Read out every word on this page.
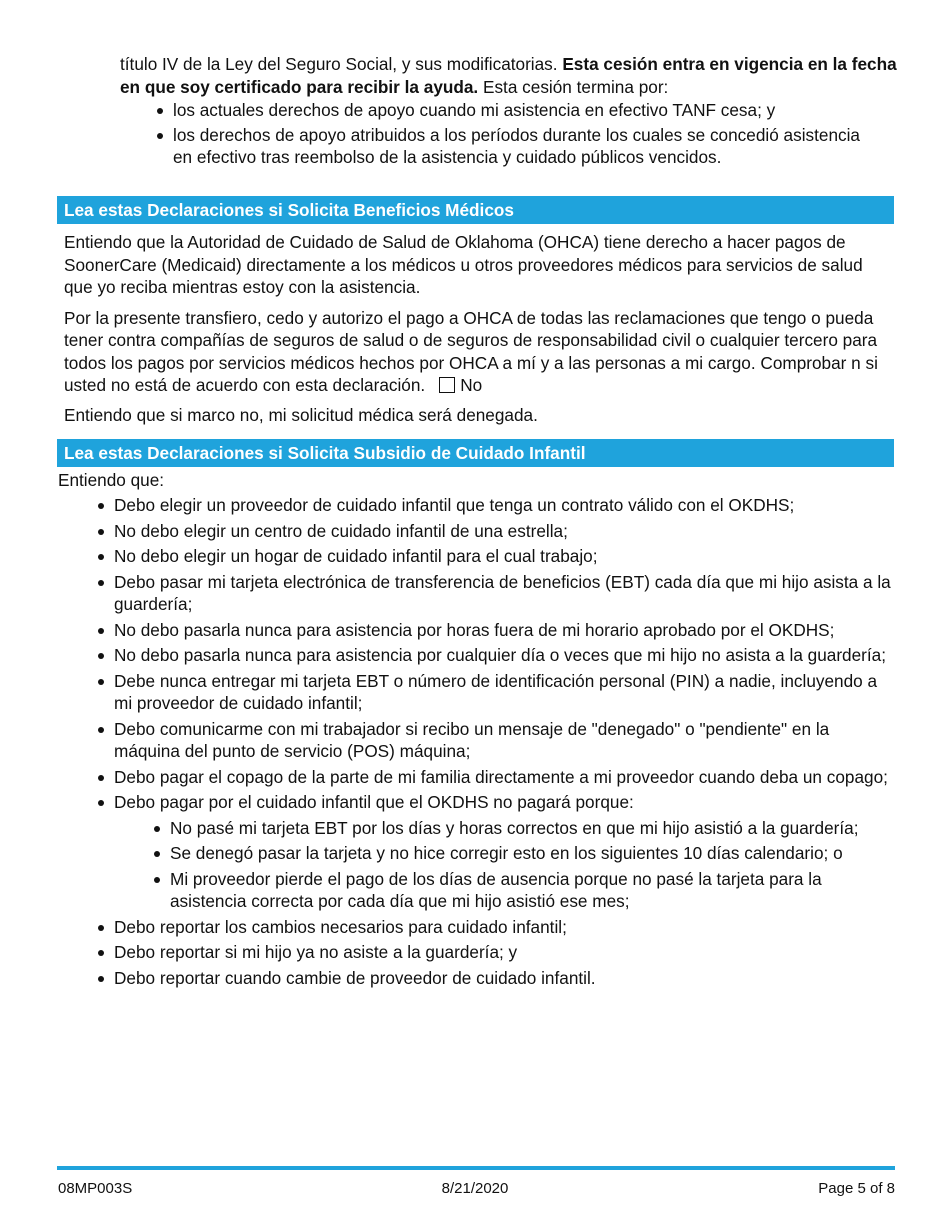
título IV de la Ley del Seguro Social, y sus modificatorias. Esta cesión entra en vigencia en la fecha en que soy certificado para recibir la ayuda. Esta cesión termina por:

los actuales derechos de apoyo cuando mi asistencia en efectivo TANF cesa; y
los derechos de apoyo atribuidos a los períodos durante los cuales se concedió asistencia en efectivo tras reembolso de la asistencia y cuidado públicos vencidos.
Lea estas Declaraciones si Solicita Beneficios Médicos

Entiendo que la Autoridad de Cuidado de Salud de Oklahoma (OHCA) tiene derecho a hacer pagos de SoonerCare (Medicaid) directamente a los médicos u otros proveedores médicos para servicios de salud que yo reciba mientras estoy con la asistencia.

Por la presente transfiero, cedo y autorizo el pago a OHCA de todas las reclamaciones que tengo o pueda tener contra compañías de seguros de salud o de seguros de responsabilidad civil o cualquier tercero para todos los pagos por servicios médicos hechos por OHCA a mí y a las personas a mi cargo. Comprobar n si usted no está de acuerdo con esta declaración. No

Entiendo que si marco no, mi solicitud médica será denegada.

Lea estas Declaraciones si Solicita Subsidio de Cuidado Infantil

Entiendo que:

Debo elegir un proveedor de cuidado infantil que tenga un contrato válido con el OKDHS;
No debo elegir un centro de cuidado infantil de una estrella;
No debo elegir un hogar de cuidado infantil para el cual trabajo;
Debo pasar mi tarjeta electrónica de transferencia de beneficios (EBT) cada día que mi hijo asista a la guardería;
No debo pasarla nunca para asistencia por horas fuera de mi horario aprobado por el OKDHS;
No debo pasarla nunca para asistencia por cualquier día o veces que mi hijo no asista a la guardería;
Debe nunca entregar mi tarjeta EBT o número de identificación personal (PIN) a nadie, incluyendo a mi proveedor de cuidado infantil;
Debo comunicarme con mi trabajador si recibo un mensaje de "denegado" o "pendiente" en la máquina del punto de servicio (POS) máquina;
Debo pagar el copago de la parte de mi familia directamente a mi proveedor cuando deba un copago;
Debo pagar por el cuidado infantil que el OKDHS no pagará porque:
No pasé mi tarjeta EBT por los días y horas correctos en que mi hijo asistió a la guardería;
Se denegó pasar la tarjeta y no hice corregir esto en los siguientes 10 días calendario; o
Mi proveedor pierde el pago de los días de ausencia porque no pasé la tarjeta para la asistencia correcta por cada día que mi hijo asistió ese mes;
Debo reportar los cambios necesarios para cuidado infantil;
Debo reportar si mi hijo ya no asiste a la guardería; y
Debo reportar cuando cambie de proveedor de cuidado infantil.
08MP003S	8/21/2020	Page 5 of 8
